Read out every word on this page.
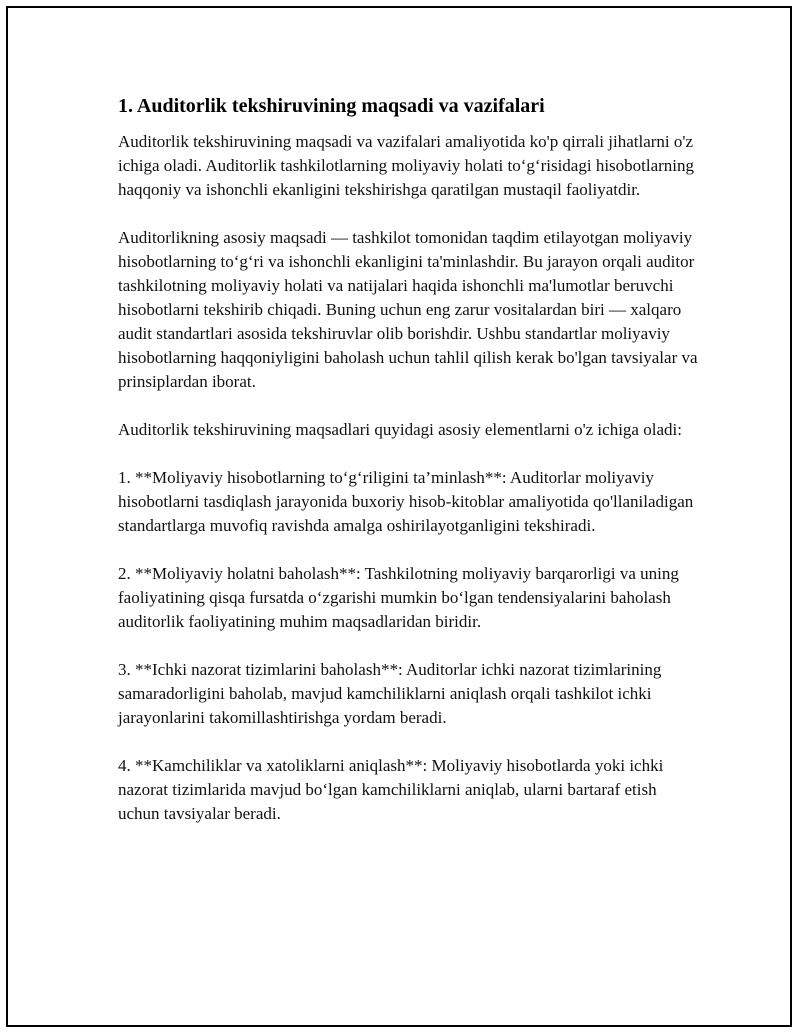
1. Auditorlik tekshiruvining maqsadi va vazifalari

Auditorlik tekshiruvining maqsadi va vazifalari amaliyotida ko'p qirrali jihatlarni o'z ichiga oladi. Auditorlik tashkilotlarning moliyaviy holati to‘g‘risidagi hisobotlarning haqqoniy va ishonchli ekanligini tekshirishga qaratilgan mustaqil faoliyatdir.

Auditorlikning asosiy maqsadi — tashkilot tomonidan taqdim etilayotgan moliyaviy hisobotlarning to‘g‘ri va ishonchli ekanligini ta'minlashdir. Bu jarayon orqali auditor tashkilotning moliyaviy holati va natijalari haqida ishonchli ma'lumotlar beruvchi hisobotlarni tekshirib chiqadi. Buning uchun eng zarur vositalardan biri — xalqaro audit standartlari asosida tekshiruvlar olib borishdir. Ushbu standartlar moliyaviy hisobotlarning haqqoniyligini baholash uchun tahlil qilish kerak bo'lgan tavsiyalar va prinsiplardan iborat.

Auditorlik tekshiruvining maqsadlari quyidagi asosiy elementlarni o'z ichiga oladi:

1. **Moliyaviy hisobotlarning to‘g‘riligini ta’minlash**: Auditorlar moliyaviy hisobotlarni tasdiqlash jarayonida buxoriy hisob-kitoblar amaliyotida qo'llaniladigan standartlarga muvofiq ravishda amalga oshirilayotganligini tekshiradi.

2. **Moliyaviy holatni baholash**: Tashkilotning moliyaviy barqarorligi va uning faoliyatining qisqa fursatda o‘zgarishi mumkin bo‘lgan tendensiyalarini baholash auditorlik faoliyatining muhim maqsadlaridan biridir.

3. **Ichki nazorat tizimlarini baholash**: Auditorlar ichki nazorat tizimlarining samaradorligini baholab, mavjud kamchiliklarni aniqlash orqali tashkilot ichki jarayonlarini takomillashtirishga yordam beradi.

4. **Kamchiliklar va xatoliklarni aniqlash**: Moliyaviy hisobotlarda yoki ichki nazorat tizimlarida mavjud bo‘lgan kamchiliklarni aniqlab, ularni bartaraf etish uchun tavsiyalar beradi.
